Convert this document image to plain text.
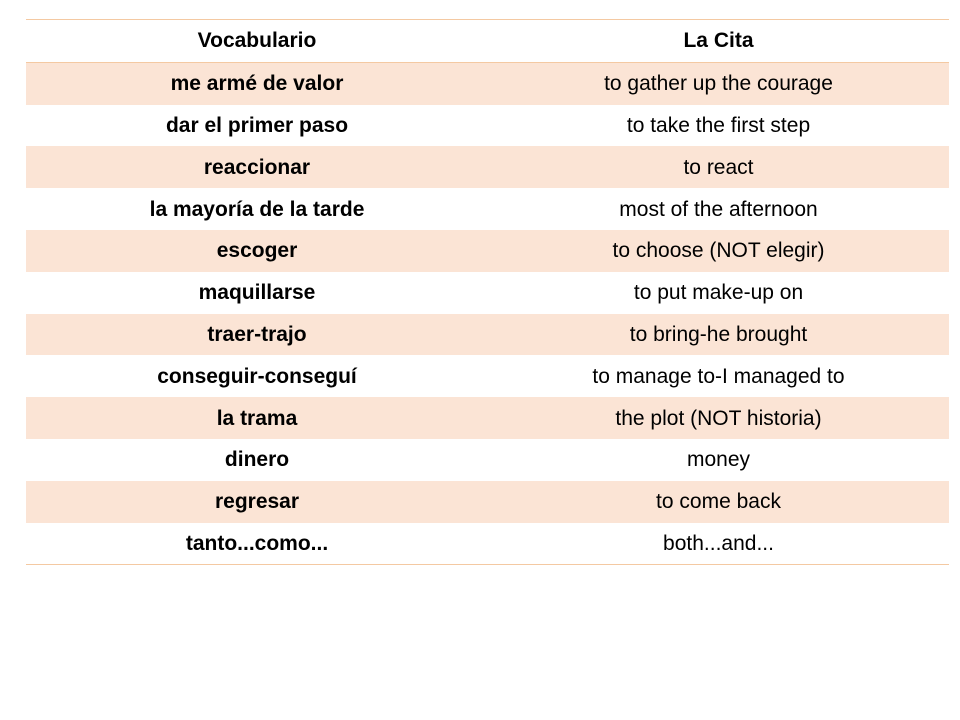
Vocabulario	La Cita
me armé de valor	to gather up the courage
dar el primer paso	to take the first step
reaccionar	to react
la mayoría de la tarde	most of the afternoon
escoger	to choose (NOT elegir)
maquillarse	to put make-up on
traer-trajo	to bring-he brought
conseguir-conseguí	to manage to-I managed to
la trama	the plot (NOT historia)
dinero	money
regresar	to come back
tanto...como...	both...and...
